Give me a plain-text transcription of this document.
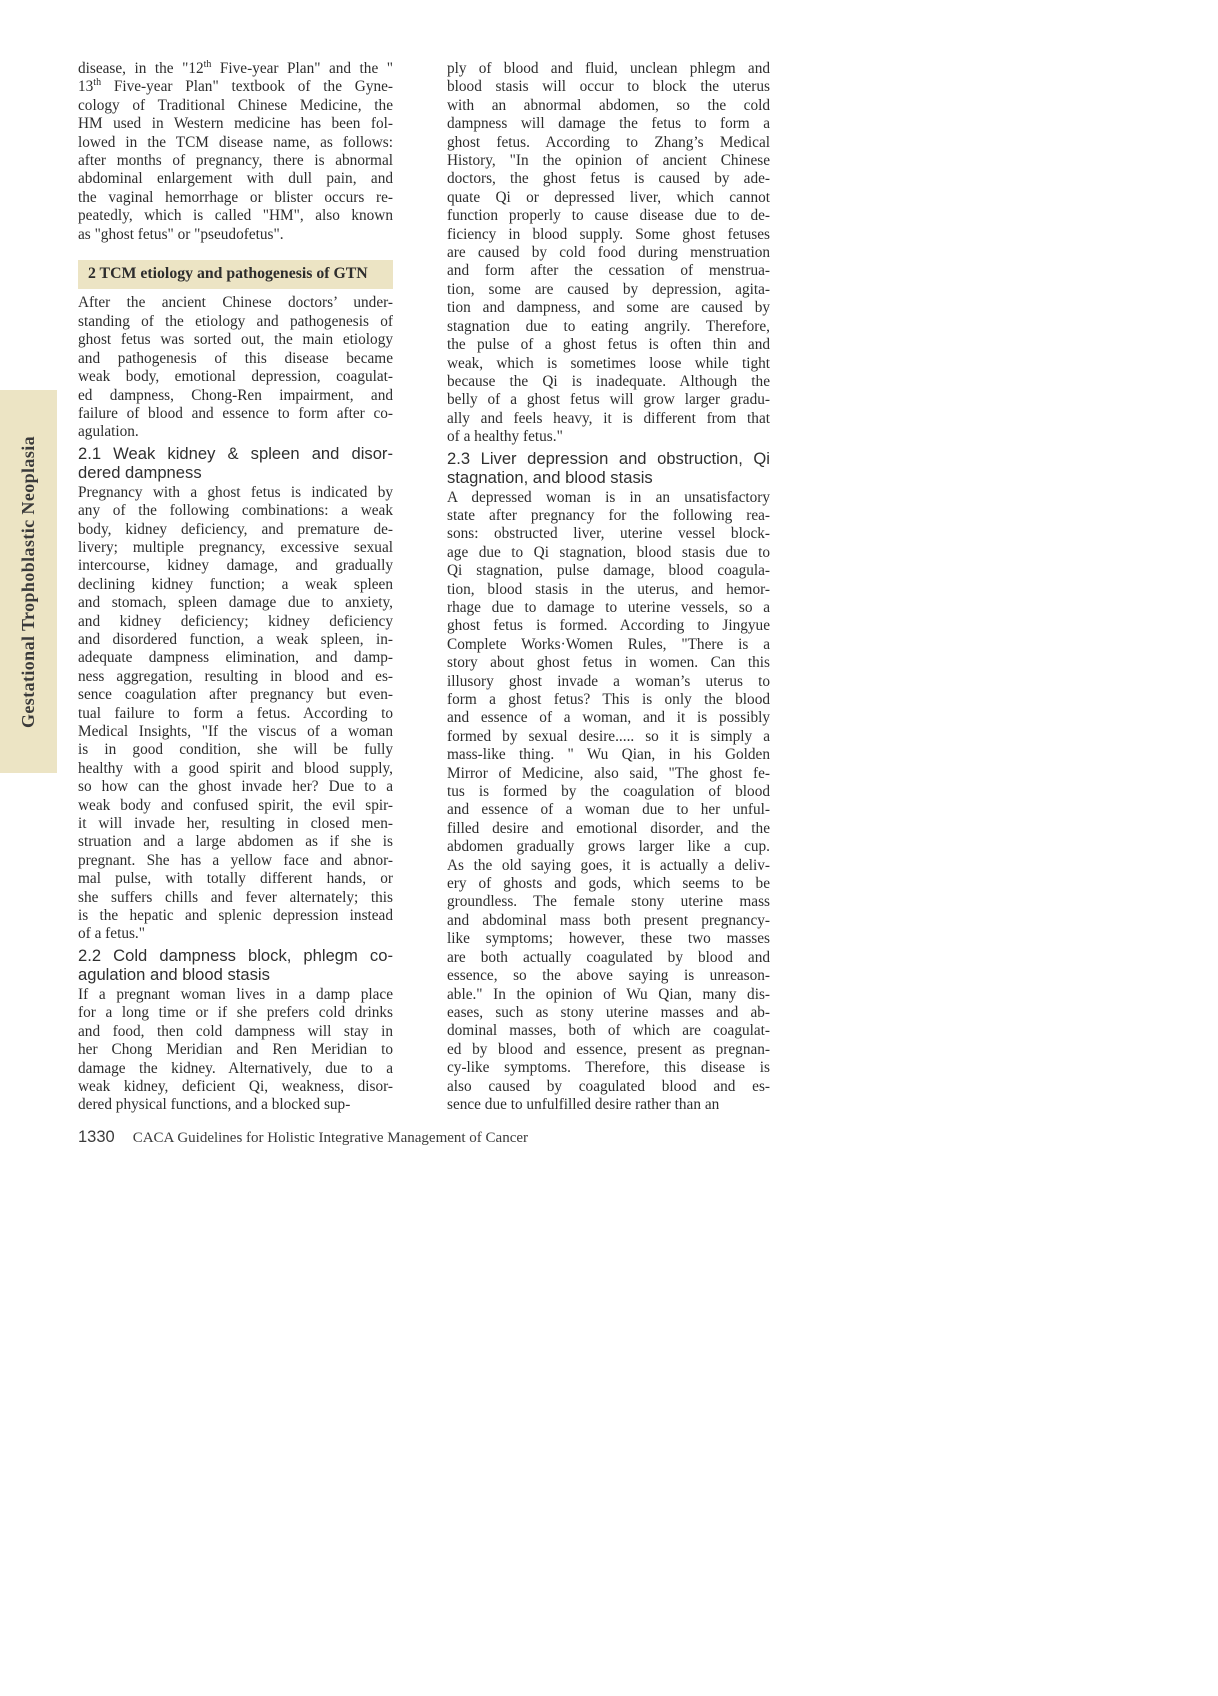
Gestational Trophoblastic Neoplasia
disease, in the "12th Five-year Plan" and the "
13th Five-year Plan" textbook of the Gyne-
cology of Traditional Chinese Medicine, the
HM used in Western medicine has been fol-
lowed in the TCM disease name, as follows:
after months of pregnancy, there is abnormal
abdominal enlargement with dull pain, and
the vaginal hemorrhage or blister occurs re-
peatedly, which is called "HM", also known
as "ghost fetus" or "pseudofetus".
2 TCM etiology and pathogenesis of GTN
After the ancient Chinese doctors’ under-
standing of the etiology and pathogenesis of
ghost fetus was sorted out, the main etiology
and pathogenesis of this disease became
weak body, emotional depression, coagulat-
ed dampness, Chong-Ren impairment, and
failure of blood and essence to form after co-
agulation.
2.1 Weak kidney & spleen and disor-
dered dampness
Pregnancy with a ghost fetus is indicated by
any of the following combinations: a weak
body, kidney deficiency, and premature de-
livery; multiple pregnancy, excessive sexual
intercourse, kidney damage, and gradually
declining kidney function; a weak spleen
and stomach, spleen damage due to anxiety,
and kidney deficiency; kidney deficiency
and disordered function, a weak spleen, in-
adequate dampness elimination, and damp-
ness aggregation, resulting in blood and es-
sence coagulation after pregnancy but even-
tual failure to form a fetus. According to
Medical Insights, "If the viscus of a woman
is in good condition, she will be fully
healthy with a good spirit and blood supply,
so how can the ghost invade her? Due to a
weak body and confused spirit, the evil spir-
it will invade her, resulting in closed men-
struation and a large abdomen as if she is
pregnant. She has a yellow face and abnor-
mal pulse, with totally different hands, or
she suffers chills and fever alternately; this
is the hepatic and splenic depression instead
of a fetus."
2.2 Cold dampness block, phlegm co-
agulation and blood stasis
If a pregnant woman lives in a damp place
for a long time or if she prefers cold drinks
and food, then cold dampness will stay in
her Chong Meridian and Ren Meridian to
damage the kidney. Alternatively, due to a
weak kidney, deficient Qi, weakness, disor-
dered physical functions, and a blocked sup-
ply of blood and fluid, unclean phlegm and
blood stasis will occur to block the uterus
with an abnormal abdomen, so the cold
dampness will damage the fetus to form a
ghost fetus. According to Zhang’s Medical
History, "In the opinion of ancient Chinese
doctors, the ghost fetus is caused by ade-
quate Qi or depressed liver, which cannot
function properly to cause disease due to de-
ficiency in blood supply. Some ghost fetuses
are caused by cold food during menstruation
and form after the cessation of menstrua-
tion, some are caused by depression, agita-
tion and dampness, and some are caused by
stagnation due to eating angrily. Therefore,
the pulse of a ghost fetus is often thin and
weak, which is sometimes loose while tight
because the Qi is inadequate. Although the
belly of a ghost fetus will grow larger gradu-
ally and feels heavy, it is different from that
of a healthy fetus."
2.3 Liver depression and obstruction, Qi
stagnation, and blood stasis
A depressed woman is in an unsatisfactory
state after pregnancy for the following rea-
sons: obstructed liver, uterine vessel block-
age due to Qi stagnation, blood stasis due to
Qi stagnation, pulse damage, blood coagula-
tion, blood stasis in the uterus, and hemor-
rhage due to damage to uterine vessels, so a
ghost fetus is formed. According to Jingyue
Complete Works·Women Rules, "There is a
story about ghost fetus in women. Can this
illusory ghost invade a woman’s uterus to
form a ghost fetus? This is only the blood
and essence of a woman, and it is possibly
formed by sexual desire..... so it is simply a
mass-like thing. " Wu Qian, in his Golden
Mirror of Medicine, also said, "The ghost fe-
tus is formed by the coagulation of blood
and essence of a woman due to her unful-
filled desire and emotional disorder, and the
abdomen gradually grows larger like a cup.
As the old saying goes, it is actually a deliv-
ery of ghosts and gods, which seems to be
groundless. The female stony uterine mass
and abdominal mass both present pregnancy-
like symptoms; however, these two masses
are both actually coagulated by blood and
essence, so the above saying is unreason-
able." In the opinion of Wu Qian, many dis-
eases, such as stony uterine masses and ab-
dominal masses, both of which are coagulat-
ed by blood and essence, present as pregnan-
cy-like symptoms. Therefore, this disease is
also caused by coagulated blood and es-
sence due to unfulfilled desire rather than an
1330 CACA Guidelines for Holistic Integrative Management of Cancer
